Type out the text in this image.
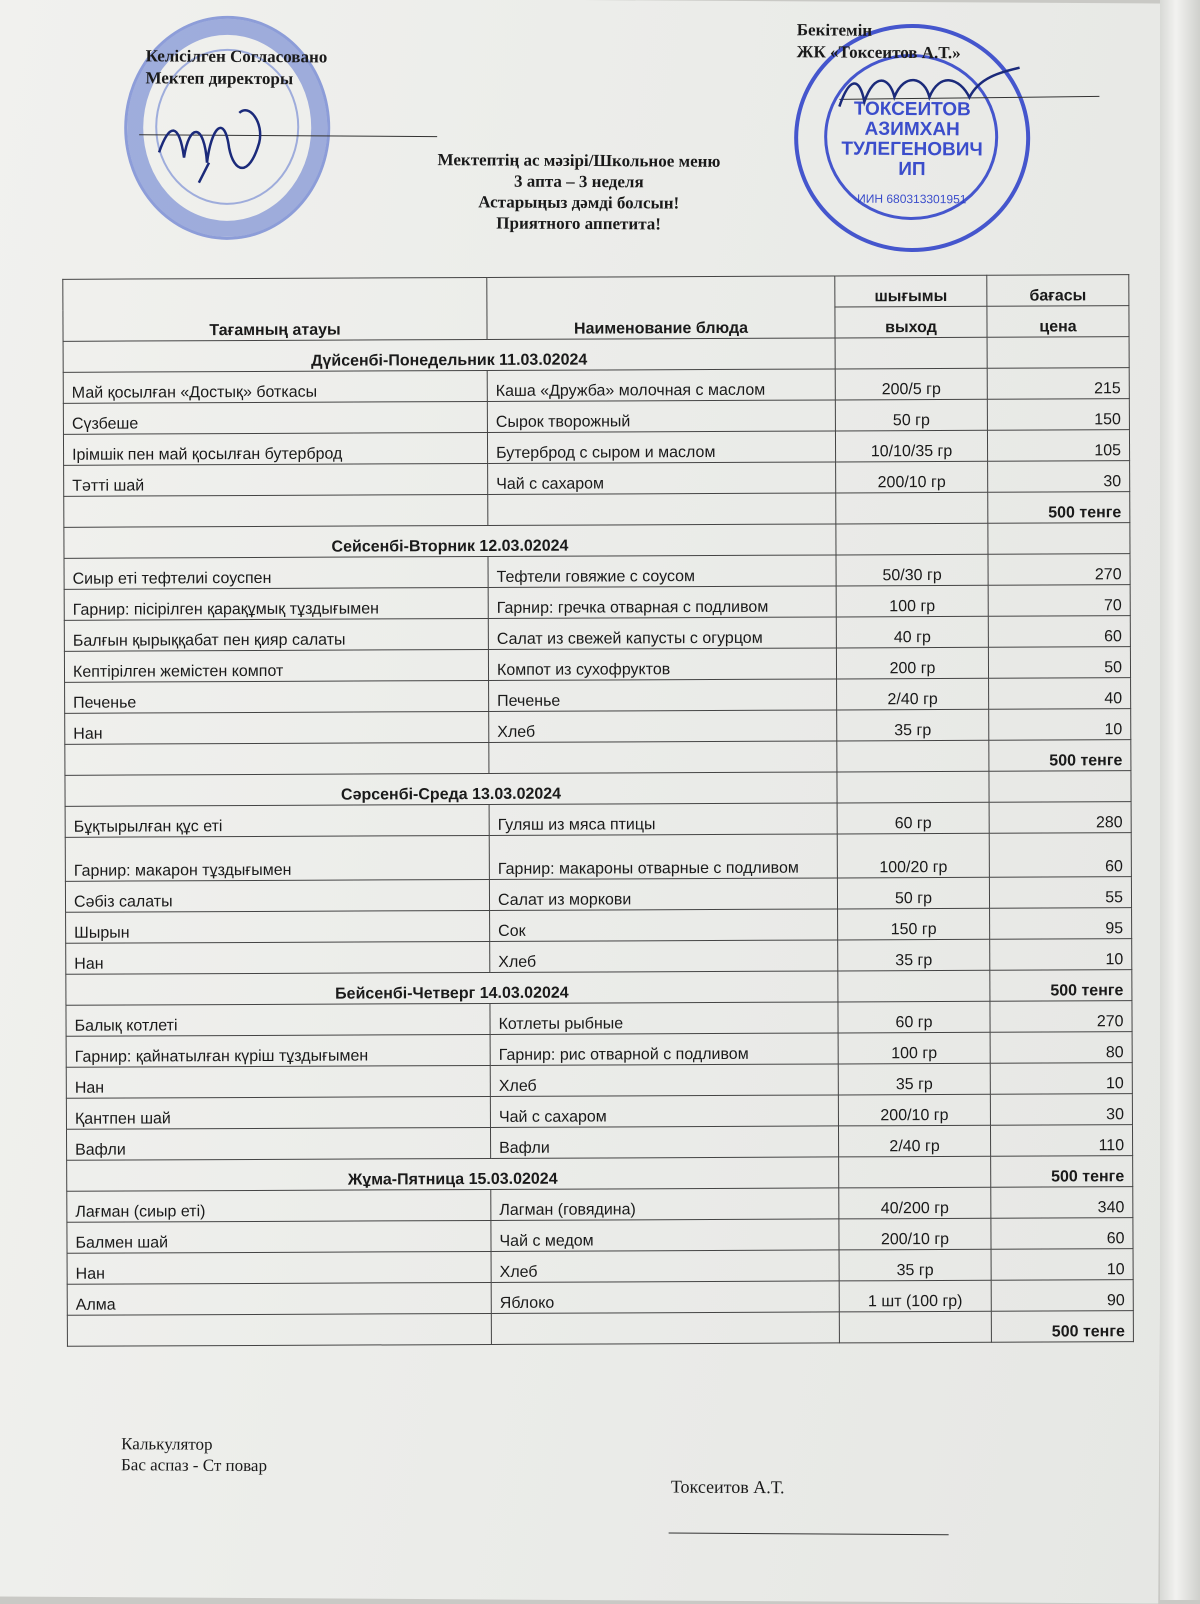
ТОКСЕИТОВ
АЗИМХАН
ТУЛЕГЕНОВИЧ
ИП
ИИН 680313301951
Келісілген Согласовано
Мектеп директоры
Бекітемін
ЖК «Токсеитов А.Т.»
Мектептің ас мәзірі/Школьное меню
3 апта – 3 неделя
Астарыңыз дәмді болсын!
Приятного аппетита!
Тағамның атауы	Наименование блюда	шығымы	бағасы
		выход	цена
Дүйсенбі-Понедельник 11.03.02024			
Май қосылған «Достық» боткасы	Каша «Дружба» молочная с маслом	200/5 гр	215
Сүзбеше	Сырок творожный	50 гр	150
Ірімшік пен май қосылған бутерброд	Бутерброд с сыром и маслом	10/10/35 гр	105
Тәтті шай	Чай с сахаром	200/10 гр	30
			500 тенге
Сейсенбі-Вторник 12.03.02024			
Сиыр еті тефтелиі соуспен	Тефтели говяжие с соусом	50/30 гр	270
Гарнир: пісірілген қарақұмық тұздығымен	Гарнир: гречка отварная с подливом	100 гр	70
Балғын қырыққабат пен қияр салаты	Салат из свежей капусты с огурцом	40 гр	60
Кептірілген жемістен компот	Компот из сухофруктов	200 гр	50
Печенье	Печенье	2/40 гр	40
Нан	Хлеб	35 гр	10
			500 тенге
Сәрсенбі-Среда 13.03.02024			
Бұқтырылған құс еті	Гуляш из мяса птицы	60 гр	280
Гарнир: макарон тұздығымен	Гарнир: макароны отварные с подливом	100/20 гр	60
Сәбіз салаты	Салат из моркови	50 гр	55
Шырын	Сок	150 гр	95
Нан	Хлеб	35 гр	10
Бейсенбі-Четверг 14.03.02024			500 тенге
Балық котлеті	Котлеты рыбные	60 гр	270
Гарнир: қайнатылған күріш тұздығымен	Гарнир: рис отварной с подливом	100 гр	80
Нан	Хлеб	35 гр	10
Қантпен шай	Чай с сахаром	200/10 гр	30
Вафли	Вафли	2/40 гр	110
Жұма-Пятница 15.03.02024			500 тенге
Лағман (сиыр еті)	Лагман (говядина)	40/200 гр	340
Балмен шай	Чай с медом	200/10 гр	60
Нан	Хлеб	35 гр	10
Алма	Яблоко	1 шт (100 гр)	90
			500 тенге
Калькулятор
Бас аспаз - Ст повар
Токсеитов А.Т.
